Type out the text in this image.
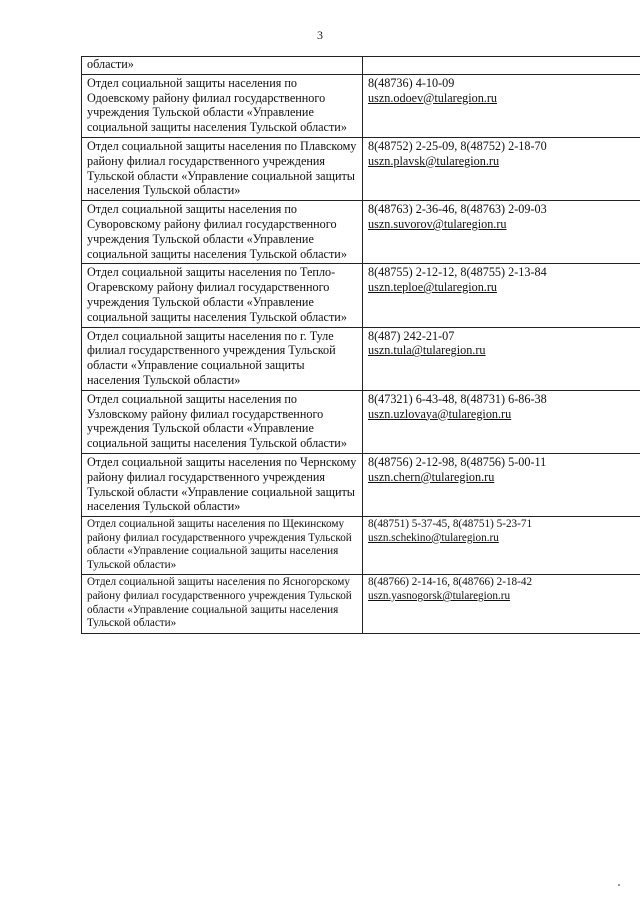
3
области»	
Отдел социальной защиты населения по Одоевскому району филиал государственного учреждения Тульской области «Управление социальной защиты населения Тульской области»	8(48736) 4-10-09
uszn.odoev@tularegion.ru

Отдел социальной защиты населения по Плавскому району филиал государственного учреждения Тульской области «Управление социальной защиты населения Тульской области»	8(48752) 2-25-09, 8(48752) 2-18-70
uszn.plavsk@tularegion.ru

Отдел социальной защиты населения по Суворовскому району филиал государственного учреждения Тульской области «Управление социальной защиты населения Тульской области»	8(48763) 2-36-46, 8(48763) 2-09-03
uszn.suvorov@tularegion.ru

Отдел социальной защиты населения по Тепло-Огаревскому району филиал государственного учреждения Тульской области «Управление социальной защиты населения Тульской области»	8(48755) 2-12-12, 8(48755) 2-13-84
uszn.teploe@tularegion.ru

Отдел социальной защиты населения по г. Туле филиал государственного учреждения Тульской области «Управление социальной защиты населения Тульской области»	8(487) 242-21-07
uszn.tula@tularegion.ru

Отдел социальной защиты населения по Узловскому району филиал государственного учреждения Тульской области «Управление социальной защиты населения Тульской области»	8(47321) 6-43-48, 8(48731) 6-86-38
uszn.uzlovaya@tularegion.ru

Отдел социальной защиты населения по Чернскому району филиал государственного учреждения Тульской области «Управление социальной защиты населения Тульской области»	8(48756) 2-12-98, 8(48756) 5-00-11
uszn.chern@tularegion.ru

Отдел социальной защиты населения по Щекинскому району филиал государственного учреждения Тульской области «Управление социальной защиты населения Тульской области»	8(48751) 5-37-45, 8(48751) 5-23-71
uszn.schekino@tularegion.ru

Отдел социальной защиты населения по Ясногорскому району филиал государственного учреждения Тульской области «Управление социальной защиты населения Тульской области»	8(48766) 2-14-16, 8(48766) 2-18-42
uszn.yasnogorsk@tularegion.ru
